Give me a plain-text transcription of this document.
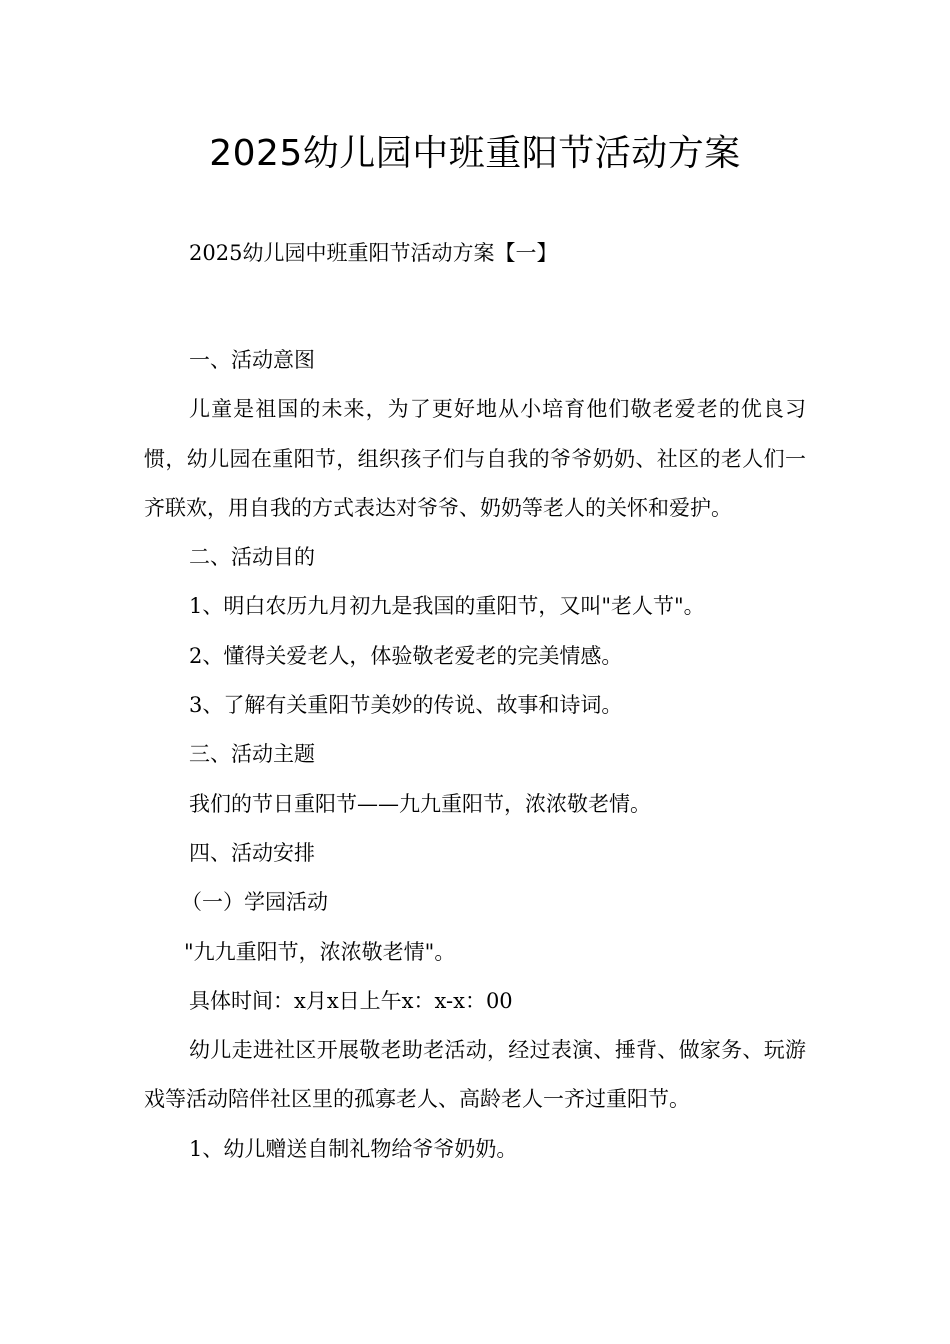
2025幼儿园中班重阳节活动方案
2025幼儿园中班重阳节活动方案【一】

一、活动意图

儿童是祖国的未来，为了更好地从小培育他们敬老爱老的优良习惯，幼儿园在重阳节，组织孩子们与自我的爷爷奶奶、社区的老人们一齐联欢，用自我的方式表达对爷爷、奶奶等老人的关怀和爱护。

二、活动目的

1、明白农历九月初九是我国的重阳节，又叫"老人节"。

2、懂得关爱老人，体验敬老爱老的完美情感。

3、了解有关重阳节美妙的传说、故事和诗词。

三、活动主题

我们的节日重阳节——九九重阳节，浓浓敬老情。

四、活动安排

（一）学园活动

"九九重阳节，浓浓敬老情"。

具体时间：x月x日上午x：x-x：00

幼儿走进社区开展敬老助老活动，经过表演、捶背、做家务、玩游戏等活动陪伴社区里的孤寡老人、高龄老人一齐过重阳节。

1、幼儿赠送自制礼物给爷爷奶奶。
